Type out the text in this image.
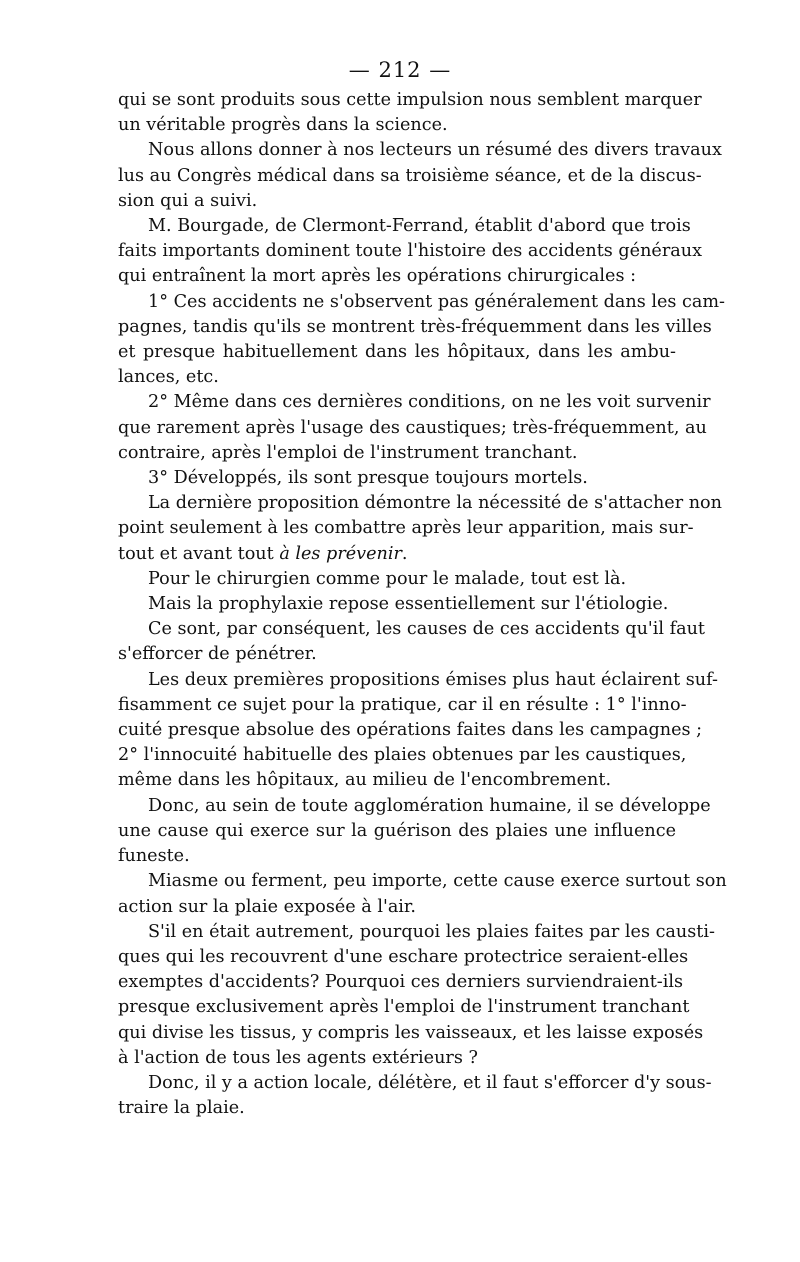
— 212 —
qui se sont produits sous cette impulsion nous semblent marquer
un véritable progrès dans la science.
Nous allons donner à nos lecteurs un résumé des divers travaux
lus au Congrès médical dans sa troisième séance, et de la discus-
sion qui a suivi.
M. Bourgade, de Clermont-Ferrand, établit d'abord que trois
faits importants dominent toute l'histoire des accidents généraux
qui entraînent la mort après les opérations chirurgicales :
1° Ces accidents ne s'observent pas généralement dans les cam-
pagnes, tandis qu'ils se montrent très-fréquemment dans les villes
et presque habituellement dans les hôpitaux, dans les ambu-
lances, etc.
2° Même dans ces dernières conditions, on ne les voit survenir
que rarement après l'usage des caustiques; très-fréquemment, au
contraire, après l'emploi de l'instrument tranchant.
3° Développés, ils sont presque toujours mortels.
La dernière proposition démontre la nécessité de s'attacher non
point seulement à les combattre après leur apparition, mais sur-
tout et avant tout à les prévenir.
Pour le chirurgien comme pour le malade, tout est là.
Mais la prophylaxie repose essentiellement sur l'étiologie.
Ce sont, par conséquent, les causes de ces accidents qu'il faut
s'efforcer de pénétrer.
Les deux premières propositions émises plus haut éclairent suf-
fisamment ce sujet pour la pratique, car il en résulte : 1° l'inno-
cuité presque absolue des opérations faites dans les campagnes ;
2° l'innocuité habituelle des plaies obtenues par les caustiques,
même dans les hôpitaux, au milieu de l'encombrement.
Donc, au sein de toute agglomération humaine, il se développe
une cause qui exerce sur la guérison des plaies une influence
funeste.
Miasme ou ferment, peu importe, cette cause exerce surtout son
action sur la plaie exposée à l'air.
S'il en était autrement, pourquoi les plaies faites par les causti-
ques qui les recouvrent d'une eschare protectrice seraient-elles
exemptes d'accidents? Pourquoi ces derniers surviendraient-ils
presque exclusivement après l'emploi de l'instrument tranchant
qui divise les tissus, y compris les vaisseaux, et les laisse exposés
à l'action de tous les agents extérieurs ?
Donc, il y a action locale, délétère, et il faut s'efforcer d'y sous-
traire la plaie.
